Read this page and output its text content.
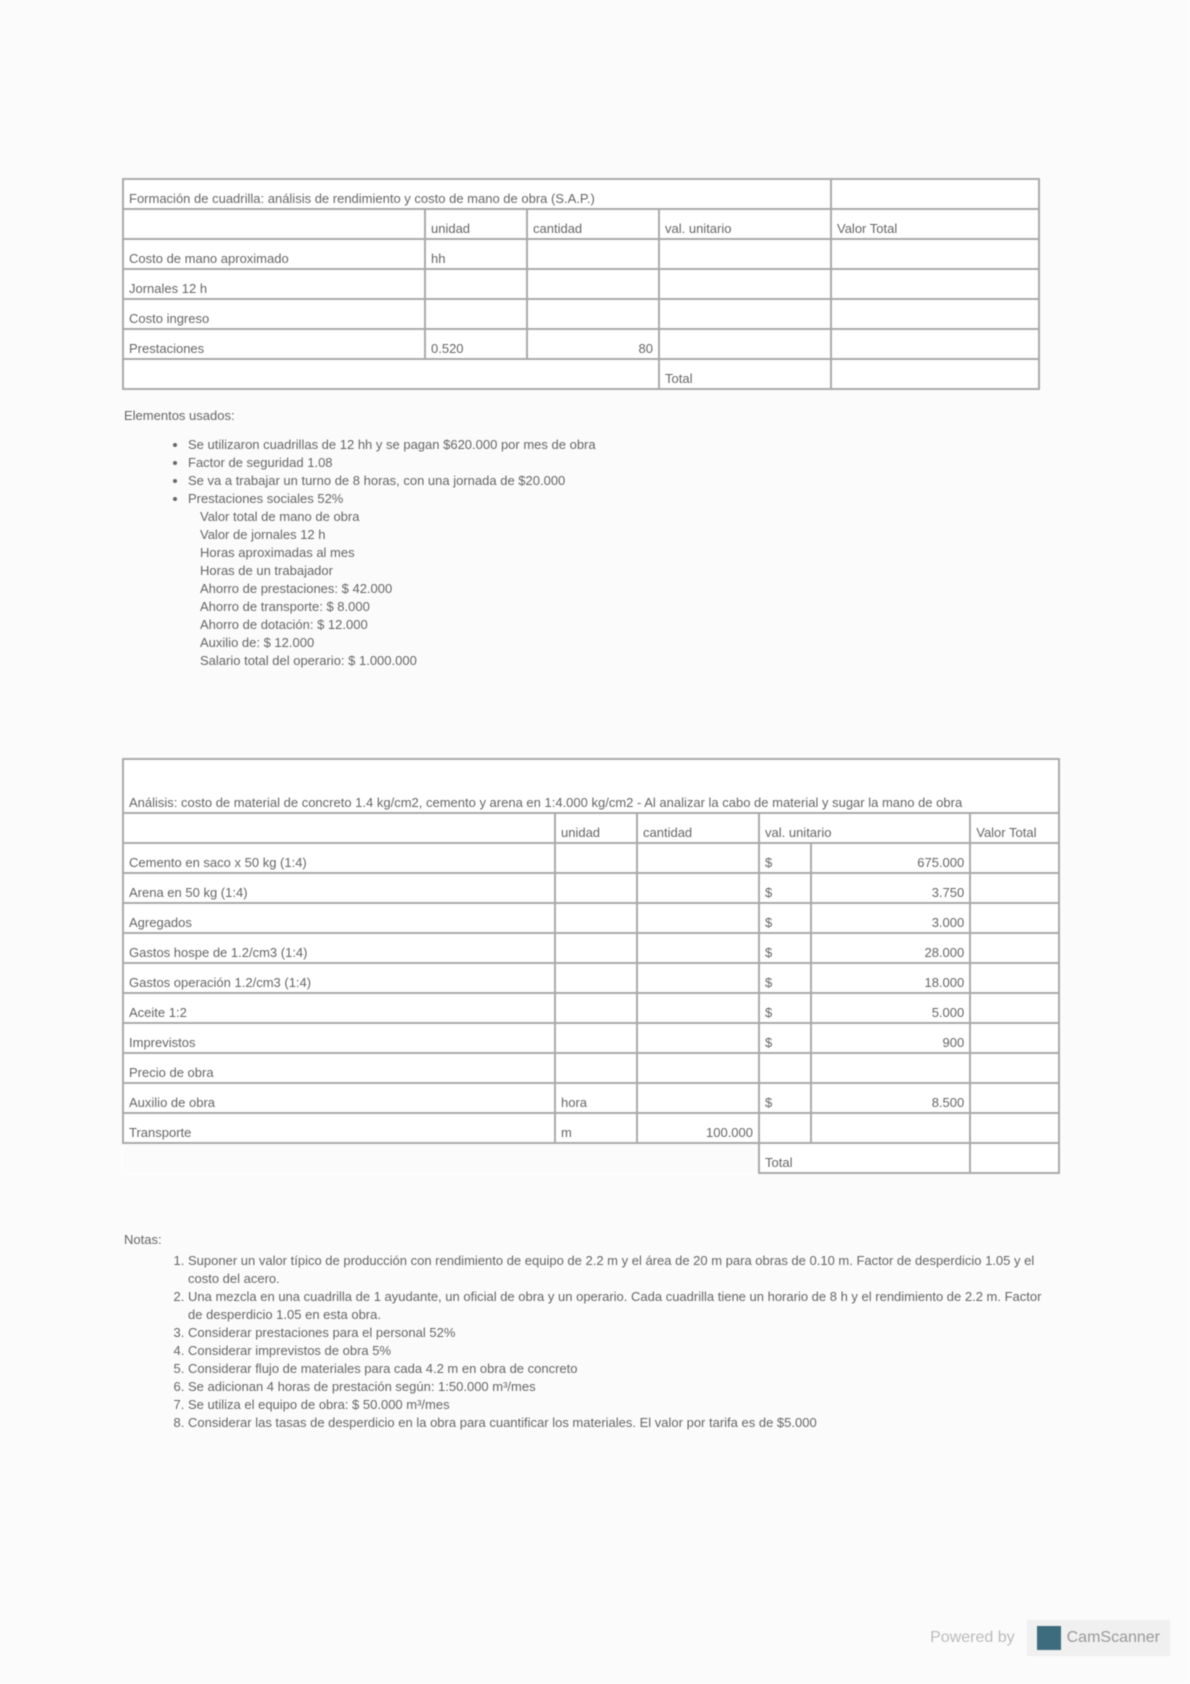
Formación de cuadrilla: análisis de rendimiento y costo de mano de obra (S.A.P.)				
	unidad	cantidad	val. unitario	Valor Total
Costo de mano aproximado	hh			
Jornales 12 h				
Costo ingreso				
Prestaciones	0.520	80		
			Total	
Elementos usados:
• Se utilizaron cuadrillas de 12 hh y se pagan $620.000 por mes de obra
• Factor de seguridad 1.08
• Se va a trabajar un turno de 8 horas, con una jornada de $20.000
• Prestaciones sociales 52%
Valor total de mano de obra
Valor de jornales 12 h
Horas aproximadas al mes
Horas de un trabajador
Ahorro de prestaciones: $ 42.000
Ahorro de transporte: $ 8.000
Ahorro de dotación: $ 12.000
Auxilio de: $ 12.000
Salario total del operario: $ 1.000.000
Análisis: costo de material de concreto 1.4 kg/cm2, cemento y arena en 1:4.000 kg/cm2 - Al analizar la cabo de material y sugar la mano de obra					
	unidad	cantidad	val. unitario		Valor Total
Cemento en saco x 50 kg (1:4)			$	675.000	
Arena en 50 kg (1:4)			$	3.750	
Agregados			$	3.000	
Gastos hospe de 1.2/cm3 (1:4)			$	28.000	
Gastos operación 1.2/cm3 (1:4)			$	18.000	
Aceite 1:2			$	5.000	
Imprevistos			$	900	
Precio de obra					
Auxilio de obra	hora		$	8.500	
Transporte	m	100.000			
			Total		
Notas:
1. Suponer un valor típico de producción con rendimiento de equipo de 2.2 m y el área de 20 m para obras de 0.10 m. Factor de desperdicio 1.05 y el costo del acero.
2. Una mezcla en una cuadrilla de 1 ayudante, un oficial de obra y un operario. Cada cuadrilla tiene un horario de 8 h y el rendimiento de 2.2 m. Factor de desperdicio 1.05 en esta obra.
3. Considerar prestaciones para el personal 52%
4. Considerar imprevistos de obra 5%
5. Considerar flujo de materiales para cada 4.2 m en obra de concreto
6. Se adicionan 4 horas de prestación según: 1:50.000 m³/mes
7. Se utiliza el equipo de obra: $ 50.000 m³/mes
8. Considerar las tasas de desperdicio en la obra para cuantificar los materiales. El valor por tarifa es de $5.000
Powered by	CamScanner
